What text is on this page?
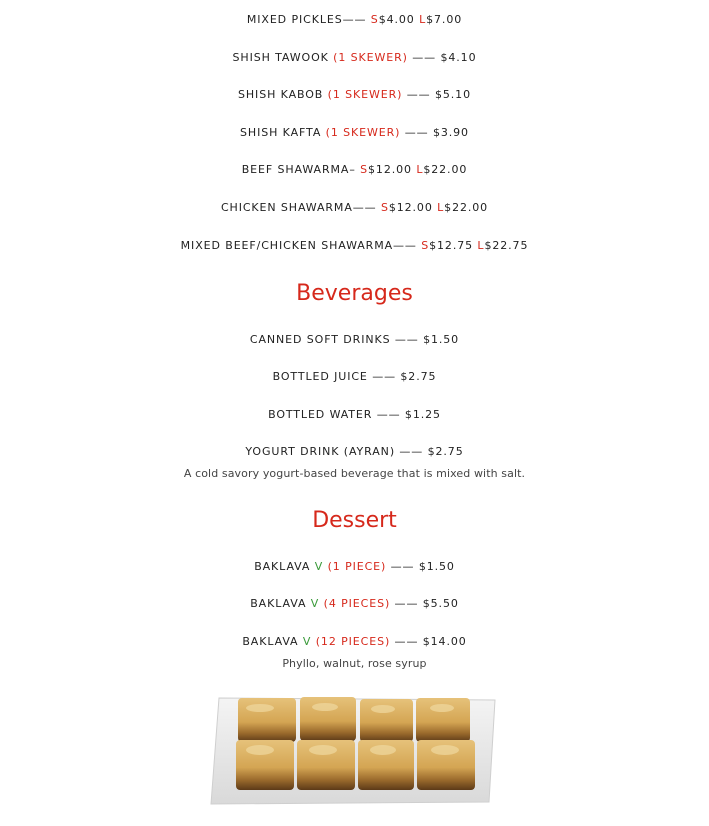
MIXED PICKLES—— S$4.00 L$7.00
SHISH TAWOOK (1 SKEWER) —— $4.10
SHISH KABOB (1 SKEWER) —— $5.10
SHISH KAFTA (1 SKEWER) —— $3.90
BEEF SHAWARMA– S$12.00 L$22.00
CHICKEN SHAWARMA—— S$12.00 L$22.00
MIXED BEEF/CHICKEN SHAWARMA—— S$12.75 L$22.75
Beverages
CANNED SOFT DRINKS —— $1.50
BOTTLED JUICE —— $2.75
BOTTLED WATER —— $1.25
YOGURT DRINK (AYRAN) —— $2.75
A cold savory yogurt-based beverage that is mixed with salt.
Dessert
BAKLAVA V (1 PIECE) —— $1.50
BAKLAVA V (4 PIECES) —— $5.50
BAKLAVA V (12 PIECES) —— $14.00
Phyllo, walnut, rose syrup
